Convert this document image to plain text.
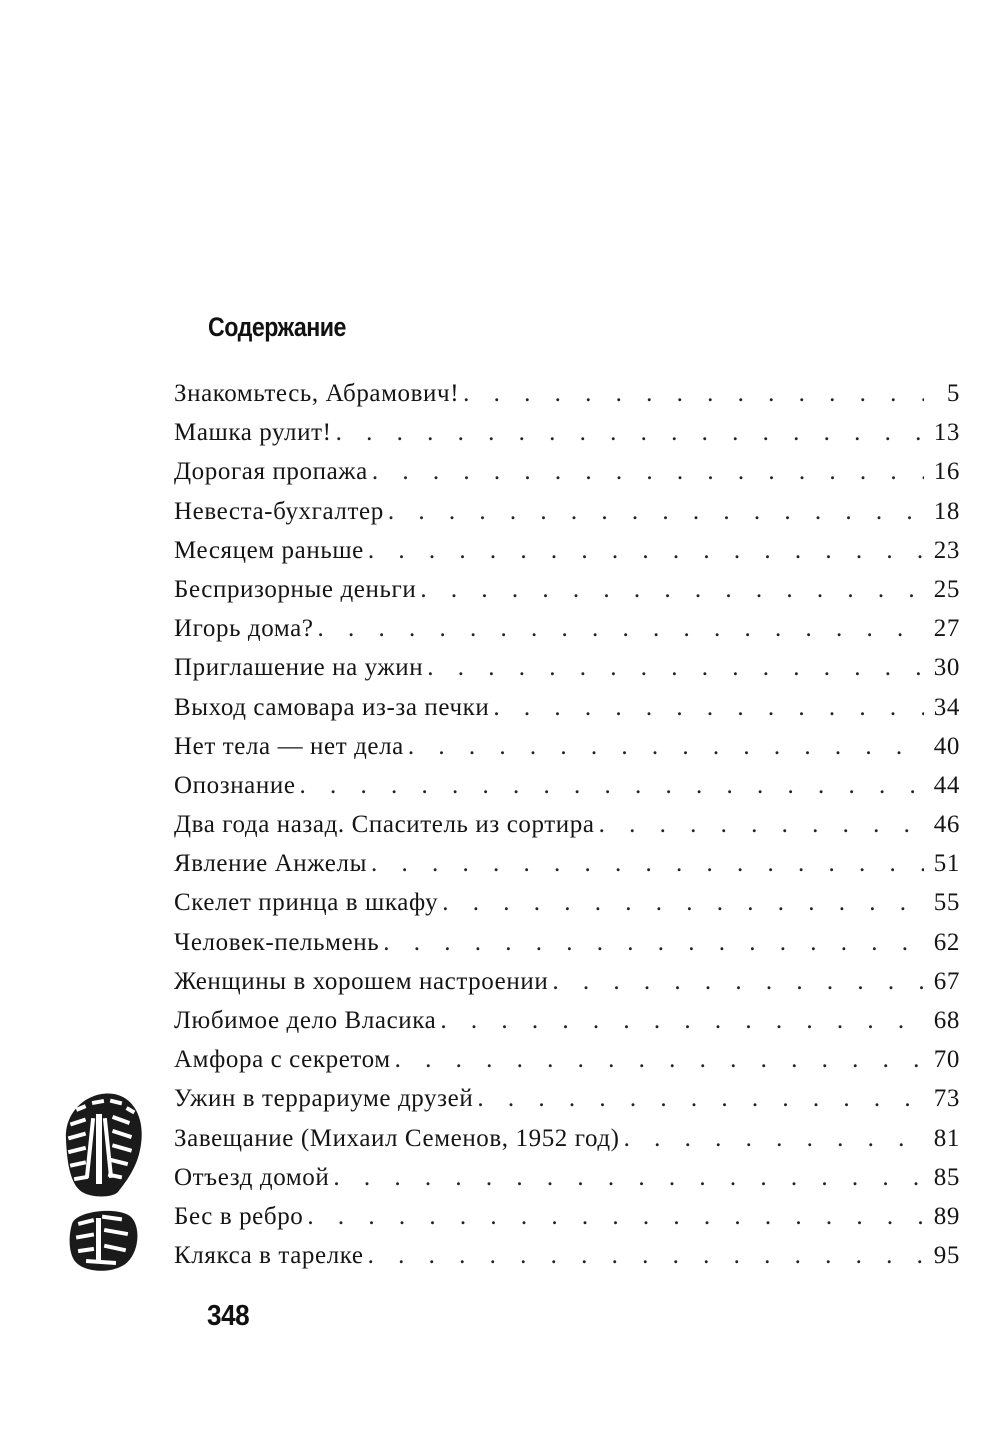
Содержание
Знакомьтесь, Абрамович! . . .	5
Машка рулит! . . .	13
Дорогая пропажа . . .	16
Невеста-бухгалтер . . .	18
Месяцем раньше . . .	23
Беспризорные деньги . . .	25
Игорь дома? . . .	27
Приглашение на ужин . . .	30
Выход самовара из-за печки . . .	34
Нет тела — нет дела . . .	40
Опознание . . .	44
Два года назад. Спаситель из сортира . . .	46
Явление Анжелы . . .	51
Скелет принца в шкафу . . .	55
Человек-пельмень . . .	62
Женщины в хорошем настроении . . .	67
Любимое дело Власика . . .	68
Амфора с секретом . . .	70
Ужин в террариуме друзей . . .	73
Завещание (Михаил Семенов, 1952 год) . . .	81
Отъезд домой . . .	85
Бес в ребро . . .	89
Клякса в тарелке . . .	95
348
